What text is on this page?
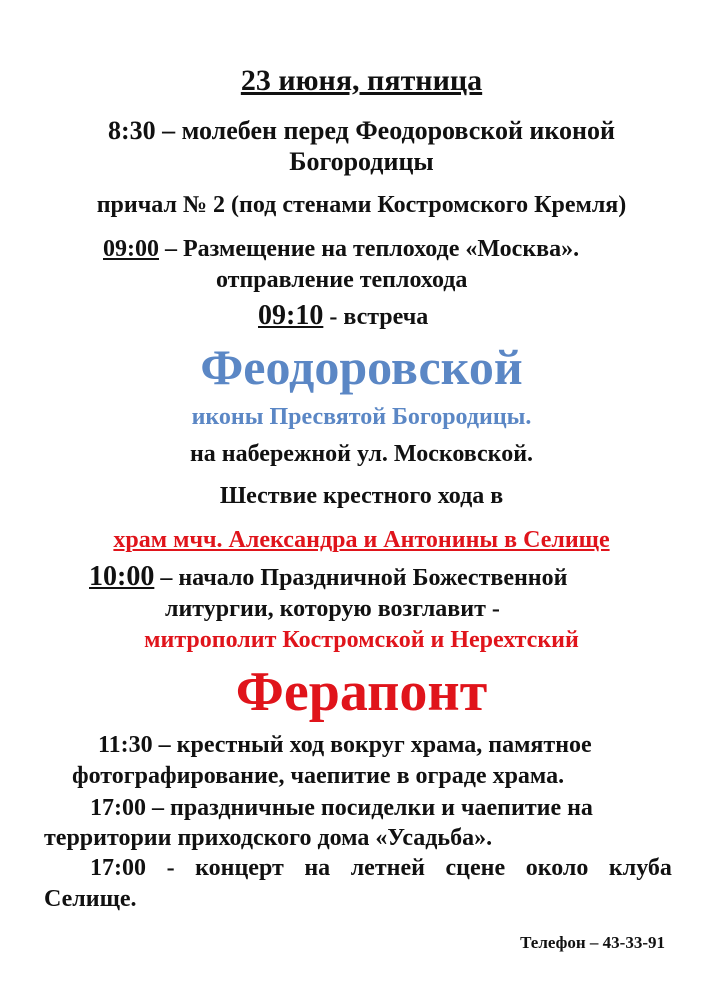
23 июня, пятница
8:30 – молебен перед Феодоровской иконой
Богородицы
причал № 2 (под стенами Костромского Кремля)
09:00 – Размещение на теплоходе «Москва».
отправление теплохода
09:10 - встреча
Феодоровской
иконы Пресвятой Богородицы.
на набережной ул. Московской.
Шествие крестного хода в
храм мчч. Александра и Антонины в Селище
10:00 – начало Праздничной Божественной
литургии, которую возглавит -
митрополит Костромской и Нерехтский
Ферапонт
11:30 – крестный ход вокруг храма, памятное
фотографирование, чаепитие в ограде храма.
17:00 – праздничные посиделки и чаепитие на
территории приходского дома «Усадьба».
17:00 - концерт на летней сцене около клуба
Селище.
Телефон – 43-33-91
